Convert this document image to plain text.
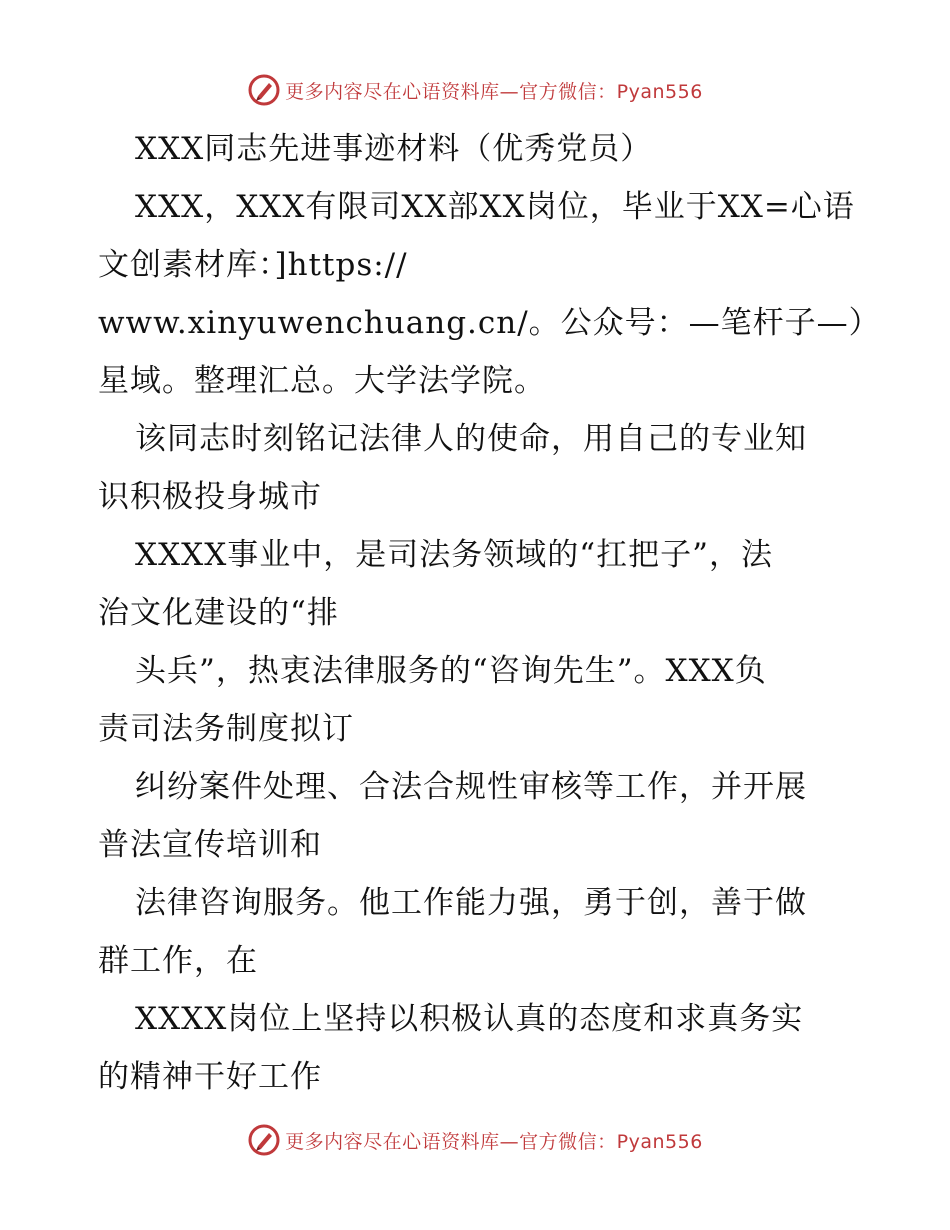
更多内容尽在心语资料库—官方微信：Pyan556
XXX同志先进事迹材料（优秀党员）
XXX，XXX有限司XX部XX岗位，毕业于XX=心语
文创素材库：]https://
www.xinyuwenchuang.cn/。公众号：—笔杆子—）
星域。整理汇总。大学法学院。
该同志时刻铭记法律人的使命，用自己的专业知
识积极投身城市
XXXX事业中，是司法务领域的“扛把子”，法
治文化建设的“排
头兵”，热衷法律服务的“咨询先生”。XXX负
责司法务制度拟订
纠纷案件处理、合法合规性审核等工作，并开展
普法宣传培训和
法律咨询服务。他工作能力强，勇于创，善于做
群工作，在
XXXX岗位上坚持以积极认真的态度和求真务实
的精神干好工作
更多内容尽在心语资料库—官方微信：Pyan556
